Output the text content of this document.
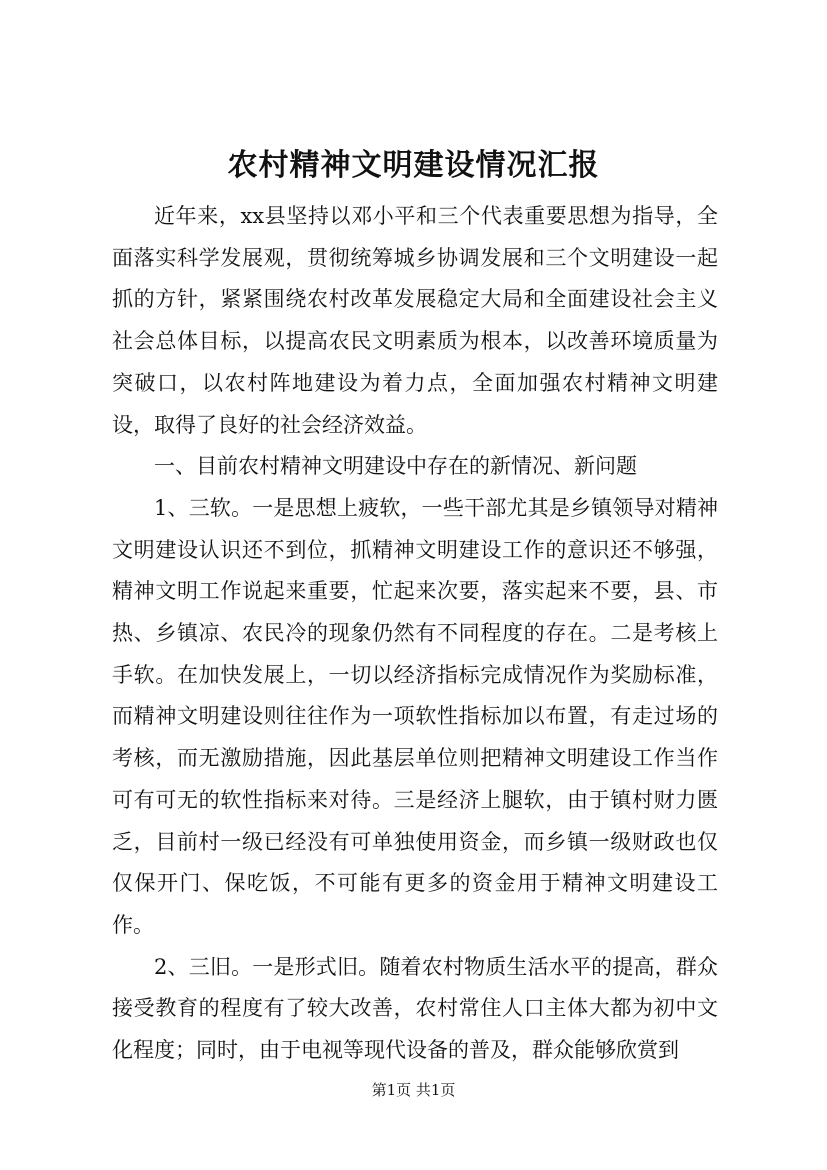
农村精神文明建设情况汇报

近年来，xx县坚持以邓小平和三个代表重要思想为指导，全面落实科学发展观，贯彻统筹城乡协调发展和三个文明建设一起抓的方针，紧紧围绕农村改革发展稳定大局和全面建设社会主义社会总体目标，以提高农民文明素质为根本，以改善环境质量为突破口，以农村阵地建设为着力点，全面加强农村精神文明建设，取得了良好的社会经济效益。

一、目前农村精神文明建设中存在的新情况、新问题

1、三软。一是思想上疲软，一些干部尤其是乡镇领导对精神文明建设认识还不到位，抓精神文明建设工作的意识还不够强，精神文明工作说起来重要，忙起来次要，落实起来不要，县、市热、乡镇凉、农民冷的现象仍然有不同程度的存在。二是考核上手软。在加快发展上，一切以经济指标完成情况作为奖励标准，而精神文明建设则往往作为一项软性指标加以布置，有走过场的考核，而无激励措施，因此基层单位则把精神文明建设工作当作可有可无的软性指标来对待。三是经济上腿软，由于镇村财力匮乏，目前村一级已经没有可单独使用资金，而乡镇一级财政也仅仅保开门、保吃饭，不可能有更多的资金用于精神文明建设工作。

2、三旧。一是形式旧。随着农村物质生活水平的提高，群众接受教育的程度有了较大改善，农村常住人口主体大都为初中文化程度；同时，由于电视等现代设备的普及，群众能够欣赏到

第1页 共1页
